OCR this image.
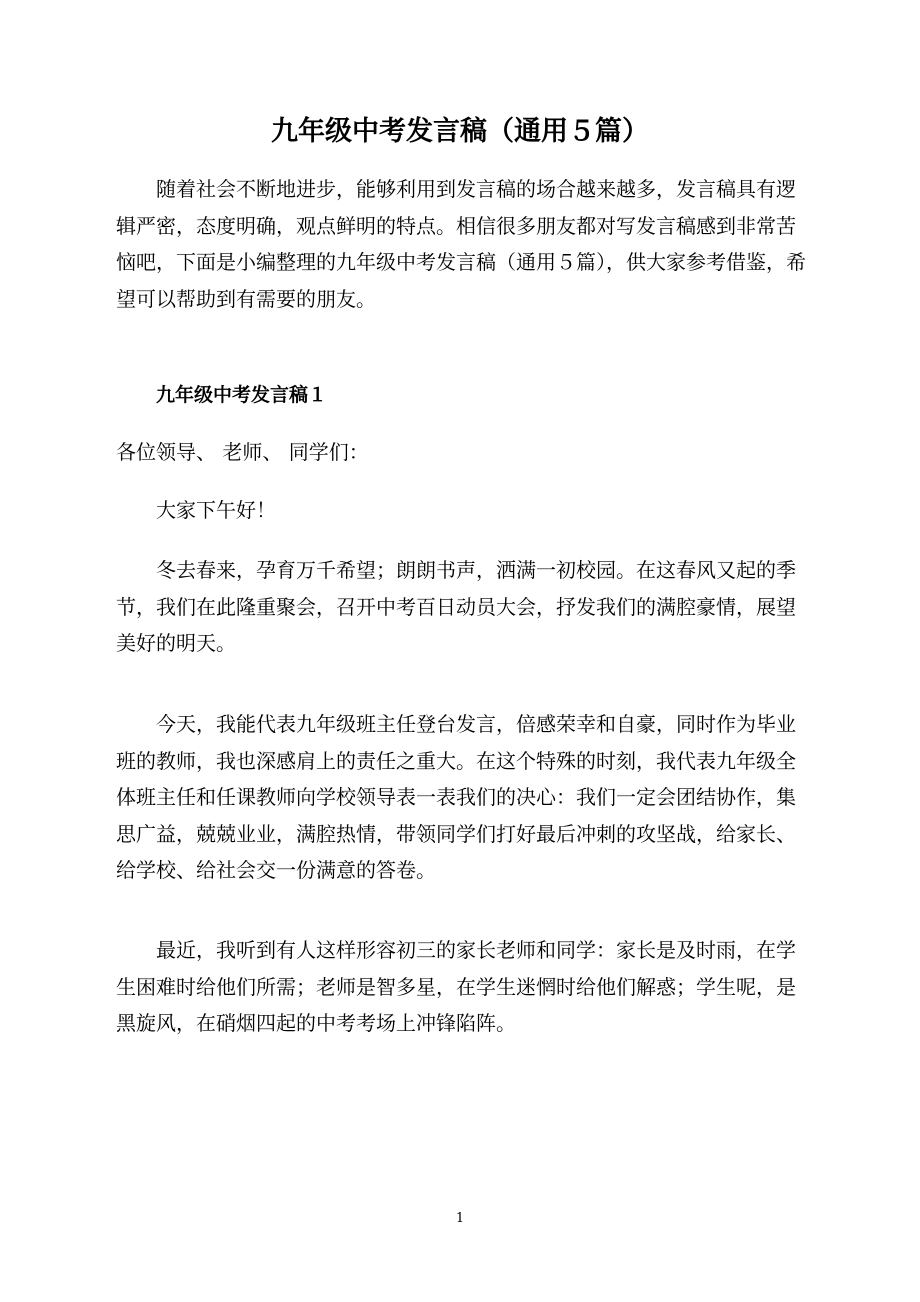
九年级中考发言稿（通用５篇）

随着社会不断地进步，能够利用到发言稿的场合越来越多，发言稿具有逻辑严密，态度明确，观点鲜明的特点。相信很多朋友都对写发言稿感到非常苦恼吧，下面是小编整理的九年级中考发言稿（通用５篇），供大家参考借鉴，希望可以帮助到有需要的朋友。

九年级中考发言稿１

各位领导、 老师、 同学们：

大家下午好！

冬去春来，孕育万千希望；朗朗书声，洒满一初校园。在这春风又起的季节，我们在此隆重聚会，召开中考百日动员大会，抒发我们的满腔豪情，展望美好的明天。

今天，我能代表九年级班主任登台发言，倍感荣幸和自豪，同时作为毕业班的教师，我也深感肩上的责任之重大。在这个特殊的时刻，我代表九年级全体班主任和任课教师向学校领导表一表我们的决心：我们一定会团结协作，集思广益，兢兢业业，满腔热情，带领同学们打好最后冲刺的攻坚战，给家长、给学校、给社会交一份满意的答卷。

最近，我听到有人这样形容初三的家长老师和同学：家长是及时雨，在学生困难时给他们所需；老师是智多星，在学生迷惘时给他们解惑；学生呢，是黑旋风，在硝烟四起的中考考场上冲锋陷阵。

1
